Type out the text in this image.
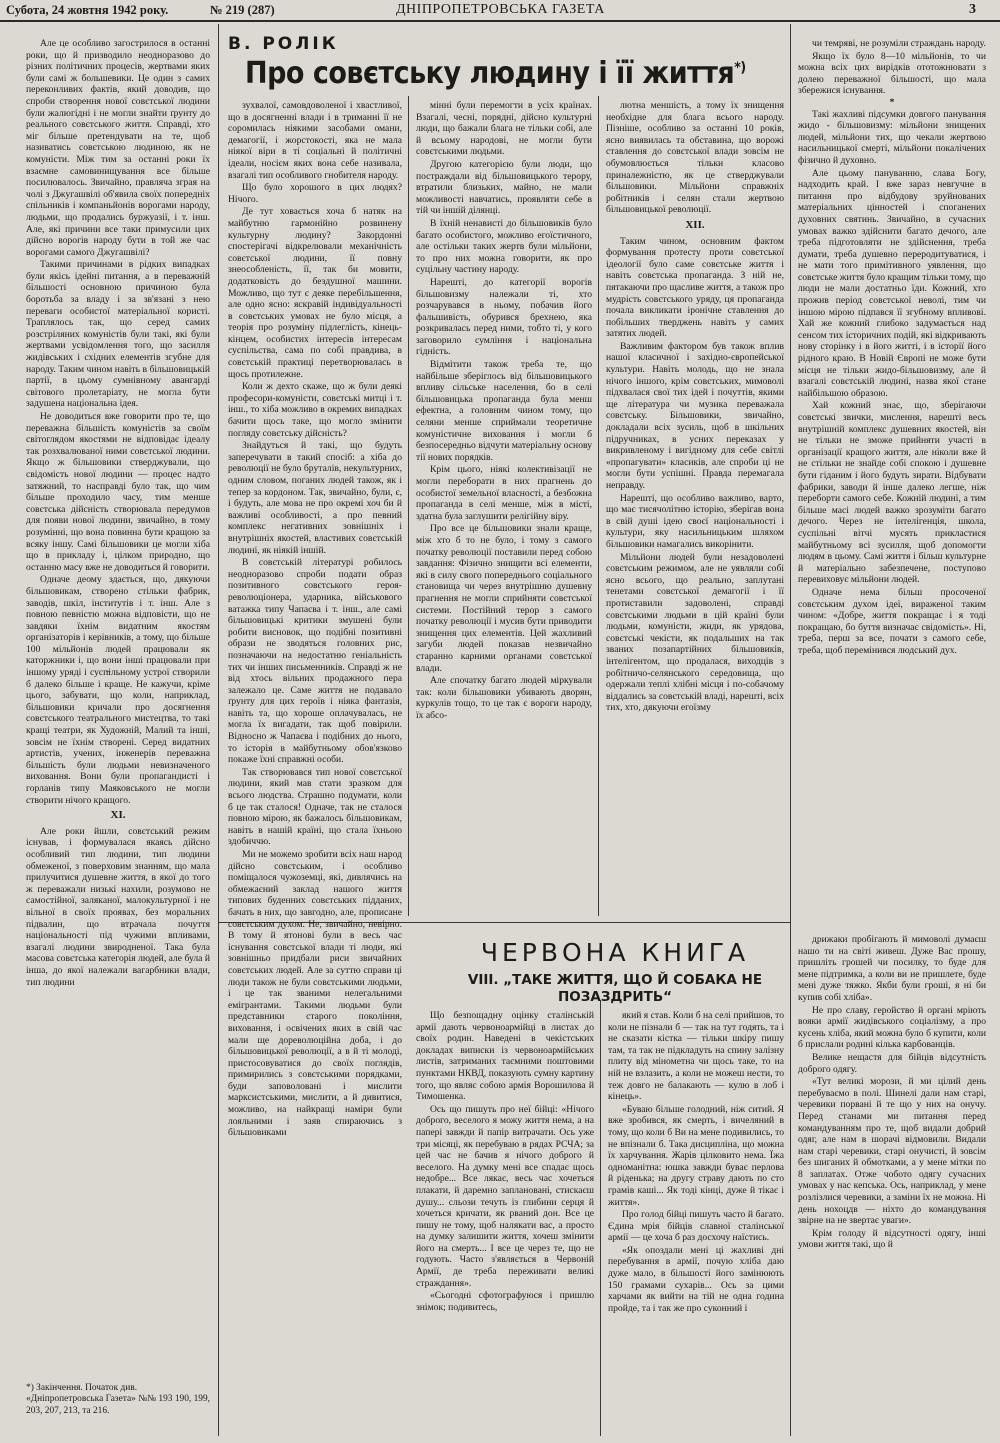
Субота, 24 жовтня 1942 року.	№ 219 (287)	ДНІПРОПЕТРОВСЬКА ГАЗЕТА	3
В. РОЛІК
Про совєтську людину і її життя*)

Але це особливо загострилося в останні роки, що й призводило неодноразово до різних політичних процесів, жертвами яких були самі ж большевики. Це один з самих переконливих фактів, який доводив, що спроби створення нової совєтської людини були жалюгідні і не могли знайти ґрунту до реального совєтського життя. Справді, хто міг більше претендувати на те, щоб називатись совєтською людиною, як не комуністи. Між тим за останні роки їх взаємне самовинищування все більше посилювалось. Звичайно, правляча зграя на чолі з Джугашвілі об'явила своїх попередніх спільників і компаньйонів ворогами народу, людьми, що продались буржуазії, і т. інш. Але, які причини все таки примусили цих дійсно ворогів народу бути в той же час ворогами самого Джугашвілі?

Такими причинами в рідких випадках були якісь ідейні питання, а в переважній більшості основною причиною була боротьба за владу і за зв'язані з нею переваги особистої матеріальної користі. Траплялось так, що серед самих розстріляних комуністів були такі, які були жертвами усвідомлення того, що засилля жидівських і східних елементів згубне для народу. Таким чином навіть в більшовицькій партії, в цьому сумнівному авангарді світового пролетаріату, не могла бути задушена національна ідея.

Не доводиться вже говорити про те, що переважна більшість комуністів за своїм світоглядом якостями не відповідає ідеалу так розхвалюваної ними совєтської людини. Якщо ж більшовики стверджували, що свідомість нової людини — процес надто затяжний, то насправді було так, що чим більше проходило часу, тим менше совєтська дійсність створювала передумов для появи нової людини, звичайно, в тому розумінні, що вона повинна бути кращою за всяку іншу. Самі більшовики це могли хіба що в прикладу і, цілком природно, що останню масу вже не доводиться й говорити.

Одначе деому здається, що, дякуючи більшовикам, створено стільки фабрик, заводів, шкіл, інститутів і т. інш. Але з повною певністю можна відповісти, що не завдяки їхнім видатним якостям організаторів і керівників, а тому, що більше 100 мільйонів людей працювали як каторжники і, що вони інші працювали при іншому уряді і сусп̶ільному устрої створили б далеко більше і краще. Не кажучи, кріме цього, забувати, що коли, наприклад, більшовики кричали про досягнення совєтського театрального мистецтва, то такі кращі театри, як Художній, Малий та інші, зовсім не їхнім створені. Серед видатних артистів, учених, інженерів переважна більшість були людьми невизначеного виховання. Вони були пропагандисті і горланів типу Маяковського не могли створити нічого кращого.

XI.

Але роки йшли, совєтський режим існував, і формувалася якаясь дійсно особливий тип людини, тип людини обмеженої, з поверховим знанням, що мала прилучитися душевне життя, в якої до того ж переважали низькі нахили, розумово не самостійної, заляканої, малокультурної і не вільної в своїх проявах, без моральних підвалин, що втрачала почуття національності під чужими впливами, взагалі людини звиродненої. Така була масова совєтська категорія людей, але була й інша, до якої належали вагарбники влади, тип людини

*) Закінчення. Початок див. «Дніпропетровська Газета» №№ 193 190, 199, 203, 207, 213, та 216.

зухвалої, самовдоволеної і хвастливої, що в досягненні влади і в триманні її не соромилась ніякими засобами омани, демагогії, і жорстокості, яка не мала ніякої віри в ті соціальні й політичні ідеали, носієм яких вона себе називала, взагалі тип особливого гнобителя народу.

Що було хорошого в цих людях? Нічого.

Де тут ховається хоча б натяк на майбутню гармонійно розвинену культурну людину? Закордонні спостерігачі відкрелювали механічність совєтської людини, її повну знеособленість, її, так би мовити, додатковість до бездушної машини. Можливо, що тут є деяке перебільшення, але одно ясно: яскравій індивідуальності в совєтських умовах не було місця, а теорія про розуміну підлеглість, кінець-кінцем, особистих інтересів інтересам суспільства, сама по собі правдива, в совєтській практиці перетворювалась в щось протилежне.

Коли ж дехто скаже, що ж були деякі професори-комуністи, совєтські митці і т. інш., то хіба можливо в окремих випадках бачити щось таке, що могло змінити погляду совєтську дійсність?

Знайдуться й такі, що будуть заперечувати в такий спосіб: а хіба до революції не було бруталів, некультурних, одним словом, поганих людей також, як і тепер за кордоном. Так, звичайно, були, є, і будуть, але мова не про окремі хоч би й важливі особливості, а про певний комплекс негативних зовнішніх і внутрішніх якостей, властивих совєтській людині, як ніякій іншій.

В совєтській літературі робилось неодноразово спроби подати образ позитивного совєтського героя-революціонера, ударника, військового ватажка типу Чапаєва і т. інш., але самі більшовицькі критики змушені були робити висновок, що подібні позитивні образи не зводяться головних рис, позначаючи на недостатню геніальність тих чи інших письменників. Справді ж не від хтось вільних продажного пера залежало це. Саме життя не подавало ґрунту для цих героїв і ніяка фантазія, навіть та, що хороше оплачувалась, не могла їх вигадати, так щоб повірили. Відносно ж Чапаєва і подібних до нього, то історія в майбутньому обов'язково покаже їхні справжні особи.

Так створювався тип нової совєтської людини, який мав стати зразком для всього людства. Страшно подумати, коли б це так сталося! Одначе, так не сталося повною мірою, як бажалось більшовикам, навіть в нашій країні, що стала їхньою здобиччю.

Ми не можемо зробити всіх наш народ дійсно совєтським, і особливо поміщалося чужоземці, які, дивлячись на обмежаєний заклад нашого життя типових буденних совєтських підданих, бачать в них, що завгодно, але, прописане совєтським духом. Не, звичайно, невірно. В тому й ятонові були в весь час існування совєтської влади ті люди, які зовнішньо придбали риси звичайних совєтських людей. Але за суттю справи ці люди також не були совєтськими людьми, і це так званими нелегальними емігрантами. Такими людьми були представники старого покоління, виховання, і освічених яких в свій час мали ще дореволюційна доба, і до більшовицької революції, а в й ті молоді, пристосовуватися до своїх поглядів, примирились з совєтськими порядками, буди заповоловані і мислити марксистськими, мислити, а й дивитися, можливо, на найкращі наміри були лояльними і заяв спираючись з більшовиками

мінні були перемогти в усіх країнах. Взагалі, чесні, порядні, дійсно культурні люди, що бажали блага не тільки собі, але й всьому народові, не могли бути совєтськими людьми.

Другою категорією були люди, що постраждали від більшовицького терору, втратили близьких, майно, не мали можливості навчатись, проявляти себе в тій чи іншій ділянці.

В їхній ненависті до більшовиків було багато особистого, можливо егоїстичного, але остільки таких жертв були мільйони, то про них можна говорити, як про суцільну частину народу.

Нарешті, до категорії ворогів більшовизму належали ті, хто розчарувався в ньому, побачив його фальшивість, обурився брехнею, яка розкривалась перед ними, тобто ті, у кого заговорило сумління і національна гідність.

Відмітити також треба те, що найбільше зберіглось від більшовицького впливу сільське населення, бо в селі більшовицька пропаганда була менш ефектна, а головним чином тому, що селяни менше сприймали теоретичне комуністичне виховання і могли б безпосередньо відчути матеріальну основу тії нових порядків.

Крім цього, ніякі колективізації не могли переборати в них прагнень до особистої земельної власності, а безбожна пропаганда в селі менше, між в місті, здатна була заглушити релігійну віру.

Про все це більшовики знали краще, між хто б то не було, і тому з самого початку революції поставили перед собою завдання: Фізично знищити всі елементи, які в силу свого попереднього соціального становища чи через внутрішню душевну прагнення не могли сприйняти совєтської системи. Постійний терор з самого початку революції і мусив бути приводити знищення цих елементів. Цей жахливий загуби людей показав незвичайно старанно карними органами совєтської влади.

Але спочатку багато людей міркували так: коли більшовики убивають дворян, куркулів тощо, то це так є вороги народу, їх абсо-

лютна меншість, а тому їх знищення необхідне для блага всього народу. Пізніше, особливо за останні 10 років, ясно виявилась та обставина, що ворожі ставлення до совєтської влади зовсім не обумовлюється тільки класово приналежністю, як це стверджували більшовики. Мільйони справжніх робітників і селян стали жертвою більшовицької революції.

XII.

Таким чином, основним фактом формування протесту проти совєтської ідеології було саме совєтське життя і навіть совєтська пропаганда. З ній не, пятакаючи про щасливе життя, а також про мудрість совєтського уряду, ця пропаганда почала викликати іронічне ставлення до побільших тверджень навіть у самих затятих людей.

Важливим фактором був також вплив нашої класичної і західно-європейської культури. Навіть молодь, що не знала нічого іншого, крім совєтських, мимоволі підхвалася свої тих ідей і почуттів, якими ще література чи музика переважала совєтську. Більшовики, звичайно, докладали всіх зусиль, щоб в шкільних підручниках, в усних переказах у викривленому і вигідному для себе світлі «пропагувати» класиків, але спроби ці не могли бути успішні. Правда перемагала неправду.

Нарешті, що особливо важливо, варто, що має тисячолітню історію, зберігав вона в свій душі ідею своєї національності і культури, яку насильницьким шляхом більшовики намагались викорінити.

Мільйони людей були незадоволені совєтським режимом, але не уявляли собі ясно всього, що реально, заплутані тенетами совєтської демагогії і її протиставили задоволені, справді совєтськими людьми в цій країні були людьми, комуністи, жиди, як урядова, совєтські чекісти, як подальших на так званих позапартійних більшовиків, інтелігентом, що продалася, виходців з робітничо-селянського середовища, що одержали теплі хлібні місця і по-собачому віддались за совєтській владі, нарешті, всіх тих, хто, дякуючи егоїзму

чи темряві, не розуміли страждань народу.

Якщо їх було 8—10 мільйонів, то чи можна всіх цих вирідків ототожнювати з долею переважної більшості, що мала збережися існування.

*

Такі жахливі підсумки довгого панування жидо - більшовизму: мільйони знищених людей, мільйони тих, що чекали жертвою насильницької смерті, мільйони покалічених фізично й духовно.

Але цьому пануванню, слава Богу, надходить край. І вже зараз невгучне в питання про відбудову зруйнованих матеріальних цінностей і споганених духовних святинь. Звичайно, в сучасних умовах важко здійснити багато дечого, але треба підготовляти не здійснення, треба думати, треба душевно переродитуватися, і не мати того примітивного уявлення, що совєтське життя було кращим тільки тому, що люди не мали достатньо їди. Кожний, хто прожив період совєтської неволі, тим чи іншою мірою підпався її згубному впливові. Хай же кожний глибоко задумається над сенсом тих історичних подій, які відкривають нову сторінку і в його житті, і в історії його рідного краю. В Новій Європі не може бути місця не тільки жидо-більшовизму, але й взагалі совєтській людині, назва якої стане найбільшою образою.

Хай кожний знає, що, зберігаючи совєтські звички, мислення, нарешті весь внутрішній комплекс душевних якостей, він не тільки не зможе прийняти участі в організації кращого життя, але ніколи вже й не стільки не знайде собі спокою і душевне бути гіданим і його будуть зирати. Відбувати фабрики, заводи й інше далеко легше, ніж переборти самого себе. Кожній людині, а тим більше масі людей важко зрозуміти багато дечого. Через не інтелігенція, школа, суспільні вітчі мусять прикластися майбутньому всі зусилля, щоб допомогти людям в цьому. Самі життя і більш культурне й матеріально забезпечене, поступово перевиховує мільйони людей.

Одначе нема більш просоченої совєтським духом ідеї, вираженої таким чином: «Добре, життя покращає і я тоді покращаю, бо буття визначає свідомість». Ні, треба, перш за все, почати з самого себе, треба, щоб перемінився людський дух.

ЧЕРВОНА КНИГА
VIII. „ТАКЕ ЖИТТЯ, ЩО Й СОБАКА НЕ ПОЗАЗДРИТЬ“

Що безпощадну оцінку сталінській армії дають червоноармійці в листах до своїх родин. Наведені в чекістських докладах виписки із червоноармійських листів, затриманих таємними поштовими пунктами НКВД, показують сумну картину того, що являє собою армія Ворошилова й Тимошенка.

Ось що пишуть про неї бійці: «Нічого доброго, веселого я можу життя нема, а на папері завжди й папір витрачати. Ось уже три місяці, як перебуваю в рядах РСЧА; за цей час не бачив я нічого доброго й веселого. На думку мені все спадає щось недобре... Все лякає, весь час хочеться плакати, й даремно заплановані, стискаєш душу... сльози течуть із глибини серця й хочеться кричати, як рваний дон. Все це пишу не тому, щоб налякати вас, а просто на думку залишити життя, хочеш змінити його на смерть... І все це через те, що не годують. Часто з'являється в Червоній Армії, де треба переживати великі страждання».

«Сьогодні сфотографуюся і пришлю знімок; подивитесь,

який я став. Коли б на селі прийшов, то коли не пізнали б — так на тут годять, та і не сказати кістка — тільки шкіру пишу там, та так не підкладуть на спину залізну плиту від мінометна чи щось таке, то на ній не взлазить, а коли не можеш нести, то теж довго не балакають — кулю в лоб і кінець».

«Буваю більше голодний, ніж ситий. Я вже зробився, як смерть, і вичеляний в тому, що коли б Ви на мене подивились, то не впізнали б. Така дисципліна, що можна їх харчування. Жарів цілковито нема. Їжа одноманітна: юшка завжди буває перлова й ріденька; на другу страву дають по сто грамів каші... Як тоді кінці, дуже й тікає і життя».

Про голод бійці пишуть часто й багато. Єдина мрія бійців славної сталінської армії — це хоча б раз досхочу наїстись.

«Як опоздали мені ці жахливі дні перебування в армії, почую хліба даю дуже мало, в більшості його замінюють 150 грамами сухарів... Ось за цими харчами як вийти на тій не одна година пройде, та і так же про суконний і

дрижаки пробігають й мимоволі думаєш нашо ти на світі живеш. Дуже Вас прошу, пришліть грошей чи посилку, то буде для мене підтримка, а коли ви не пришлете, буде мені дуже тяжко. Якби були гроші, я ні би купив собі хліба».

Не про славу, геройство й органі мріють вояки армії жидівського соціалізму, а про кусень хліба, який можна було б купити, коли б прислали родині кілька карбованців.

Велике нещастя для бійців відсутність доброго одягу.

«Тут великі морози, й ми цілий день перебуваємо в полі. Шинелі дали нам старі, черевики порвані й те що у них на онучу. Перед станами ми питання перед командуванням про те, щоб видали добрий одяг, але нам в шорачі відмовили. Видали нам старі черевики, старі онучисті, й зовсім без шиганих й обмотками, а у мене мітки по 8 заплатах. Отже чобото одягу сучасних умовах у нас кепська. Ось, наприклад, у мене розлізлися черевики, а заміни їх не можна. Ні день нохоцдв — ніхто до командування звірне на не звертає уваги».

Крім голоду й відсутності одягу, інші умови життя такі, що й
